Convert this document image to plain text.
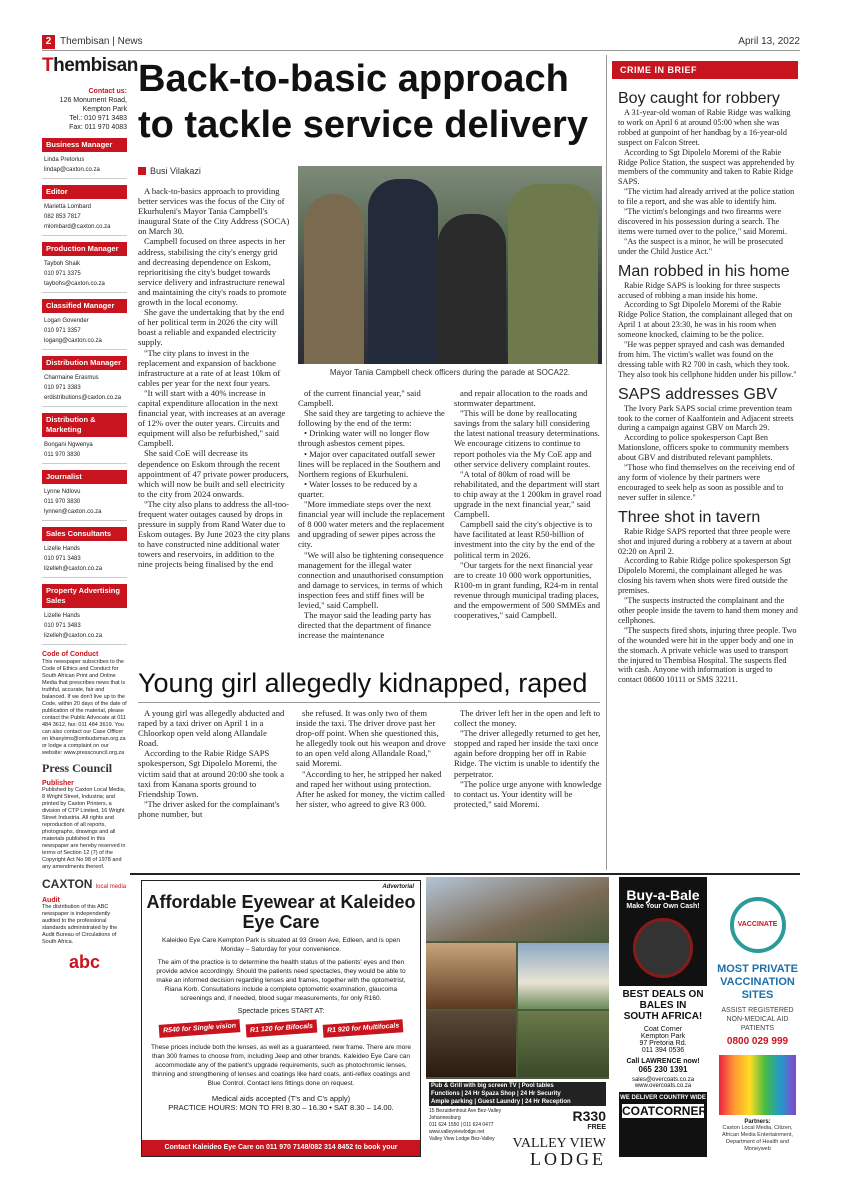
2 Thembisan | News	April 13, 2022
Thembisan
Contact us:
126 Monument Road,
Kempton Park
Tel.: 010 971 3483
Fax: 011 970 4083
Business Manager
Linda Pretorius
lindap@caxton.co.za
Editor
Marietta Lombard
082 853 7817
mlombard@caxton.co.za
Production Manager
Tayboh Shaik
010 971 3375
taybohs@caxton.co.za
Classified Manager
Logan Govender
010 971 3357
logang@caxton.co.za
Distribution Manager
Charmaine Erasmus
010 971 3383
erdistributions@caxton.co.za
Distribution & Marketing
Bongani Ngwenya
011 970 3830
Journalist
Lynne Ndlovu
011 970 3830
lynnen@caxton.co.za
Sales Consultants
Lizelle Hands
010 971 3483
lizelleh@caxton.co.za
Property Advertising Sales
Lizelle Hands
010 971 3483
lizelleh@caxton.co.za
Code of Conduct
This newspaper subscribes to the Code of Ethics and Conduct for South African Print and Online Media that prescribes news that is truthful, accurate, fair and balanced. If we don't live up to the Code, within 20 days of the date of publication of the material, please contact the Public Advocate at 011 484 3612, fax: 011 484 3619. You can also contact our Case Officer on khanyims@ombudsman.org.za or lodge a complaint on our website: www.presscouncil.org.za
Press Council
Publisher
Published by Caxton Local Media, 8 Wright Street, Industria; and printed by Caxton Printers, a division of CTP Limited, 16 Wright Street Industria. All rights and reproduction of all reports, photographs, drawings and all materials published in this newspaper are hereby reserved in terms of Section 12 (7) of the Copyright Act No 98 of 1978 and any amendments thereof.
CAXTON local media
Audit
The distribution of this ABC newspaper is independently audited to the professional standards administrated by the Audit Bureau of Circulations of South Africa.
abc
Back-to-basic approach to tackle service delivery
Busi Vilakazi

A back-to-basics approach to providing better services was the focus of the City of Ekurhuleni's Mayor Tania Campbell's inaugural State of the City Address (SOCA) on March 30.

Campbell focused on three aspects in her address, stabilising the city's energy grid and decreasing dependence on Eskom, reprioritising the city's budget towards service delivery and infrastructure renewal and maintaining the city's roads to promote growth in the local economy.

She gave the undertaking that by the end of her political term in 2026 the city will boast a reliable and expanded electricity supply.

"The city plans to invest in the replacement and expansion of backbone infrastructure at a rate of at least 10km of cables per year for the next four years.

"It will start with a 40% increase in capital expenditure allocation in the next financial year, with increases at an average of 12% over the outer years. Circuits and equipment will also be refurbished," said Campbell.

She said CoE will decrease its dependence on Eskom through the recent appointment of 47 private power producers, which will now be built and sell electricity to the city from 2024 onwards.

"The city also plans to address the all-too-frequent water outages caused by drops in pressure in supply from Rand Water due to Eskom outages. By June 2023 the city plans to have constructed nine additional water towers and reservoirs, in addition to the nine projects being finalised by the end

Mayor Tania Campbell check officers during the parade at SOCA22.

of the current financial year," said Campbell.

She said they are targeting to achieve the following by the end of the term:

• Drinking water will no longer flow through asbestos cement pipes.

• Major over capacitated outfall sewer lines will be replaced in the Southern and Northern regions of Ekurhuleni.

• Water losses to be reduced by a quarter.

"More immediate steps over the next financial year will include the replacement of 8 000 water meters and the replacement and upgrading of sewer pipes across the city.

"We will also be tightening consequence management for the illegal water connection and unauthorised consumption and damage to services, in terms of which inspection fees and stiff fines will be levied," said Campbell.

The mayor said the leading party has directed that the department of finance increase the maintenance

and repair allocation to the roads and stormwater department.

"This will be done by reallocating savings from the salary bill considering the latest national treasury determinations. We encourage citizens to continue to report potholes via the My CoE app and other service delivery complaint routes.

"A total of 80km of road will be rehabilitated, and the department will start to chip away at the 1 200km in gravel road upgrade in the next financial year," said Campbell.

Campbell said the city's objective is to have facilitated at least R50-billion of investment into the city by the end of the political term in 2026.

"Our targets for the next financial year are to create 10 000 work opportunities, R100-m in grant funding, R24-m in rental revenue through municipal trading places, and the empowerment of 500 SMMEs and cooperatives," said Campbell.

CRIME IN BRIEF
Boy caught for robbery

A 31-year-old woman of Rabie Ridge was walking to work on April 6 at around 05:00 when she was robbed at gunpoint of her handbag by a 16-year-old suspect on Falcon Street.

According to Sgt Dipolelo Moremi of the Rabie Ridge Police Station, the suspect was apprehended by members of the community and taken to Rabie Ridge SAPS.

"The victim had already arrived at the police station to file a report, and she was able to identify him.

"The victim's belongings and two firearms were discovered in his possession during a search. The items were turned over to the police," said Moremi.

"As the suspect is a minor, he will be prosecuted under the Child Justice Act."

Man robbed in his home

Rabie Ridge SAPS is looking for three suspects accused of robbing a man inside his home.

According to Sgt Dipolelo Moremi of the Rabie Ridge Police Station, the complainant alleged that on April 1 at about 23:30, he was in his room when someone knocked, claiming to be the police.

"He was pepper sprayed and cash was demanded from him. The victim's wallet was found on the dressing table with R2 700 in cash, which they took. They also took his cellphone hidden under his pillow."

SAPS addresses GBV

The Ivory Park SAPS social crime prevention team took to the corner of Kaalfontein and Adjacent streets during a campaign against GBV on March 29.

According to police spokesperson Capt Ben Mationslone, officers spoke to community members about GBV and distributed relevant pamphlets.

"Those who find themselves on the receiving end of any form of violence by their partners were encouraged to seek help as soon as possible and to never suffer in silence."

Three shot in tavern

Rabie Ridge SAPS reported that three people were shot and injured during a robbery at a tavern at about 02:20 on April 2.

According to Rabie Ridge police spokesperson Sgt Dipolelo Moremi, the complainant alleged he was closing his tavern when shots were fired outside the premises.

"The suspects instructed the complainant and the other people inside the tavern to hand them money and cellphones.

"The suspects fired shots, injuring three people. Two of the wounded were hit in the upper body and one in the stomach. A private vehicle was used to transport the injured to Thembisa Hospital. The suspects fled with cash. Anyone with information is urged to contact 08600 10111 or SMS 32211.

Young girl allegedly kidnapped, raped

A young girl was allegedly abducted and raped by a taxi driver on April 1 in a Chloorkop open veld along Allandale Road.

According to the Rabie Ridge SAPS spokesperson, Sgt Dipolelo Moremi, the victim said that at around 20:00 she took a taxi from Kanana sports ground to Friendship Town.

"The driver asked for the complainant's phone number, but

she refused. It was only two of them inside the taxi. The driver drove past her drop-off point. When she questioned this, he allegedly took out his weapon and drove to an open veld along Allandale Road," said Moremi.

"According to her, he stripped her naked and raped her without using protection. After he asked for money, the victim called her sister, who agreed to give R3 000.

The driver left her in the open and left to collect the money.

"The driver allegedly returned to get her, stopped and raped her inside the taxi once again before dropping her off in Rabie Ridge. The victim is unable to identify the perpetrator.

"The police urge anyone with knowledge to contact us. Your identity will be protected," said Moremi.

Advertorial
Affordable Eyewear at Kaleideo Eye Care
Kaleideo Eye Care Kempton Park is situated at 93 Green Ave, Edleen, and is open Monday – Saturday for your convenience.
The aim of the practice is to determine the health status of the patients' eyes and then provide advice accordingly. Should the patients need spectacles, they would be able to make an informed decision regarding lenses and frames, together with the optometrist, Riana Korb. Consultations include a complete optometric examination, glaucoma screenings and, if needed, blood sugar measurements, for only R160.
Spectacle prices START AT:
R540 for Single vision	R1 120 for Bifocals	R1 920 for Multifocals
These prices include both the lenses, as well as a guaranteed, new frame. There are more than 300 frames to choose from, including Jeep and other brands. Kaleideo Eye Care can accommodate any of the patient's upgrade requirements, such as photochromic lenses, thinning and strengthening of lenses and coatings like hard coats, anti-reflex coatings and Blue Control. Contact lens fittings done on request.
Medical aids accepted (T's and C's apply)
PRACTICE HOURS: MON TO FRI 8.30 – 16.30 • SAT 8.30 – 14.00.
Contact Kaleideo Eye Care on 011 970 7148/082 314 8452 to book your appointment.
Pub & Grill with big screen TV | Pool tables
Functions | 24 Hr Spaza Shop | 24 Hr Security
Ample parking | Guest Laundry | 24 Hr Reception
15 Bezuidenhout Ave Bez-Valley Johannesburg
011 624 1550 | 011 624 0477
www.valleyviewlodge.net
Valley View Lodge Bez-Valley
R330
FREE
VALLEY VIEW
LODGE
Buy-a-Bale
Make Your Own Cash!
BEST DEALS ON BALES IN SOUTH AFRICA!
Coat Corner
Kempton Park
97 Pretoria Rd.
011 394 0536
Call LAWRENCE now!
065 230 1391
sales@overcoats.co.za
www.overcoats.co.za
WE DELIVER COUNTRY WIDE
COATCORNER
VACCINATE
MOST PRIVATE VACCINATION SITES
ASSIST REGISTERED NON-MEDICAL AID PATIENTS
0800 029 999
Partners:
Caxton Local Media, Citizen, African Media Entertainment, Department of Health and Moneyweb
